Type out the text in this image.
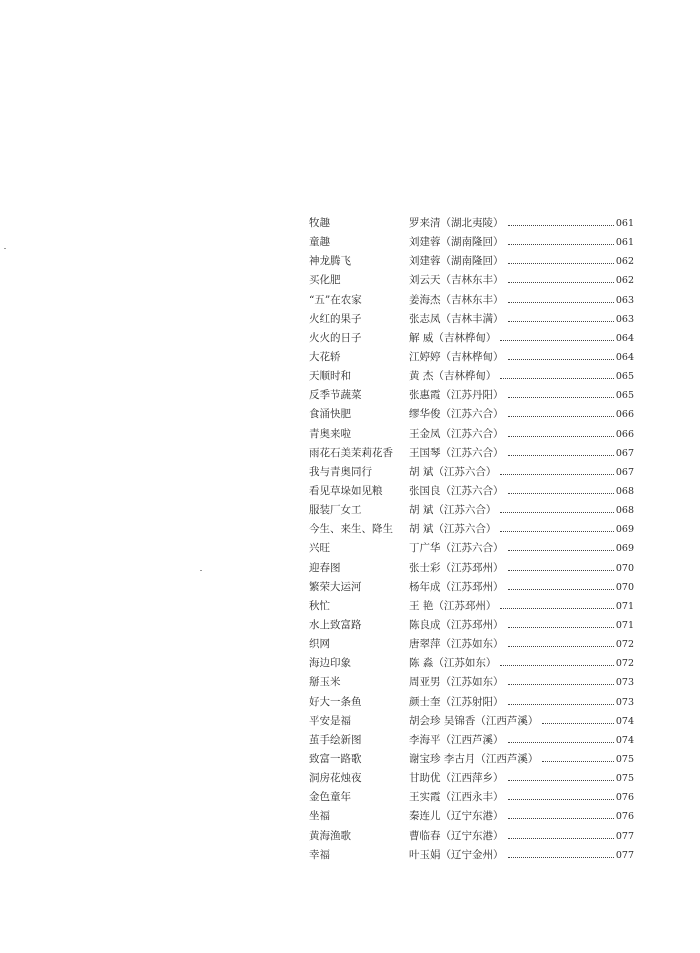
牧趣	罗来清（湖北夷陵）	061
童趣	刘建蓉（湖南隆回）	061
神龙腾飞	刘建蓉（湖南隆回）	062
买化肥	刘云天（吉林东丰）	062
“五”在农家	姜海杰（吉林东丰）	063
火红的果子	张志凤（吉林丰满）	063
火火的日子	解 威（吉林桦甸）	064
大花轿	江婷婷（吉林桦甸）	064
天顺时和	黄 杰（吉林桦甸）	065
反季节蔬菜	张惠霞（江苏丹阳）	065
食涌快肥	缪华俊（江苏六合）	066
青奥来啦	王金凤（江苏六合）	066
雨花石美茉莉花香	王国琴（江苏六合）	067
我与青奥同行	胡 斌（江苏六合）	067
看见草垛如见粮	张国良（江苏六合）	068
服装厂女工	胡 斌（江苏六合）	068
今生、来生、降生	胡 斌（江苏六合）	069
兴旺	丁广华（江苏六合）	069
迎春图	张士彩（江苏邳州）	070
繁荣大运河	杨年成（江苏邳州）	070
秋忙	王 艳（江苏邳州）	071
水上致富路	陈良成（江苏邳州）	071
织网	唐翠萍（江苏如东）	072
海边印象	陈 淼（江苏如东）	072
掰玉米	周亚男（江苏如东）	073
好大一条鱼	颜士奎（江苏射阳）	073
平安是福	胡会珍 吴锦香（江西芦溪）	074
茧手绘新图	李海平（江西芦溪）	074
致富一路歌	谢宝珍 李古月（江西芦溪）	075
洞房花烛夜	甘助优（江西萍乡）	075
金色童年	王实霞（江西永丰）	076
坐福	秦连儿（辽宁东港）	076
黄海渔歌	曹临春（辽宁东港）	077
幸福	叶玉娟（辽宁金州）	077
